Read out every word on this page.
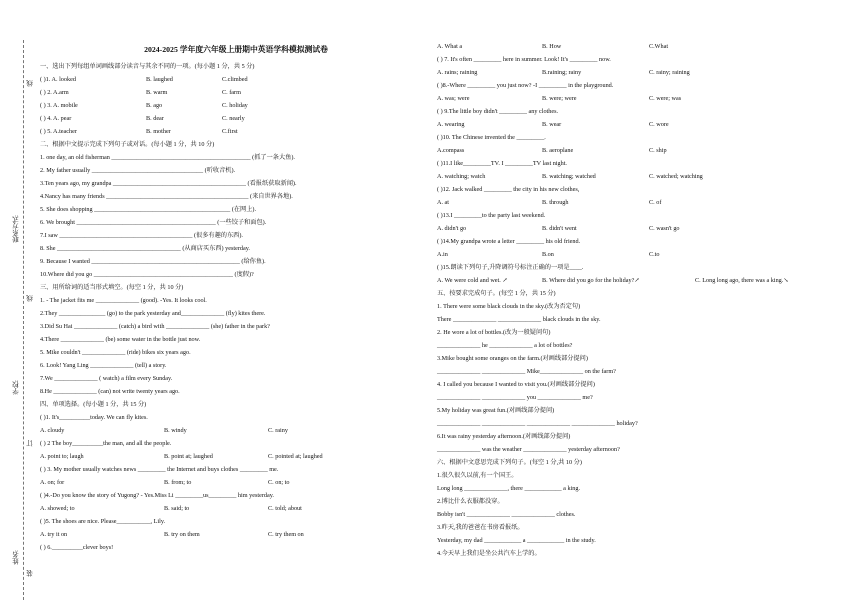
姓名:
学校:
联系方式:
线
线
订
装
2024-2025 学年度六年级上册期中英语学科模拟测试卷
一、选出下列每组单词画线部分读音与其余不同的一项。(每小题 1 分，共 5 分)
( )1. A. looked	B. laughed	C.climbed
( ) 2. A.arm	B. warm	C. farm
( ) 3. A. mobile	B. ago	C. holiday
( ) 4. A. pear	B. dear	C. nearly
( ) 5. A.teacher	B. mother	C.first
二、根据中文提示完成下列句子或对话。(每小题 1 分，共 10 分)
1. one day, an old fisherman _____________________________________________ (抓了一条大鱼).
2. My father usually ____________________________________ (听收音机).
3.Ten years ago, my grandpa ___________________________________________ (看报纸获取新闻).
4.Nancy has many friends ______________________________________________ (来自世界各地).
5. She does shopping ____________________________________________ (在网上).
6. We brought _____________________________________________ (一些饺子和面包).
7.I saw ___________________________________________ (很多有趣的东西).
8. She ________________________________________ (从商店买东西) yesterday.
9. Because I wanted ________________________________________________ (给你鱼).
10.Where did you go _____________________________________________ (度假)?
三、用所给词的适当形式填空。(每空 1 分，共 10 分)
1. - The jacket fits me ______________ (good). -Yes. It looks cool.
2.They _______________ (go) to the park yesterday and______________ (fly) kites there.
3.Did Su Hai ______________ (catch) a bird with ______________ (she) father in the park?
4.There ______________ (be) some water in the bottle just now.
5. Mike couldn't ______________ (ride) bikes six years ago.
6. Look! Yang Ling ______________ (tell) a story.
7.We ______________ ( watch) a film every Sunday.
8.He ______________ (can) not write twenty years ago.
四、单项选择。(每小题 1 分，共 15 分)
( )1. It's__________today. We can fly kites.
A. cloudy	B. windy	C. rainy
( ) 2 The boy__________the man, and all the people.
A. point to; laugh	B. point at; laughed	C. pointed at; laughed
( ) 3. My mother usually watches news _________ the Internet and buys clothes _________ me.
A. on; for	B. from; to	C. on; to
( )4.-Do you know the story of Yugong? - Yes.Miss Li _________us_________ him yesterday.
A. showed; to	B. said; to	C. told; about
( )5. The shoes are nice. Please___________, Lily.
A. try it on	B. try on them	C. try them on
( ) 6.__________clever boys!
A. What a	B. How	C.What
( ) 7. It's often _________ here in summer. Look! It's _________ now.
A. rains; raining	B.raining; rainy	C. rainy; raining
( )8.-Where _________ you just now? -I _________ in the playground.
A. was; were	B. were; were	C. were; was
( ) 9.The little boy didn't _________ any clothes.
A. wearing	B. wear	C. wore
( )10. The Chinese invented the _________.
A.compass	B. aeroplane	C. ship
( )11.I like_________TV. I _________TV last night.
A. watching; watch	B. watching; watched	C. watched; watching
( )12. Jack walked _________ the city in his new clothes,
A. at	B. through	C. of
( )13.I _________to the party last weekend.
A. didn't go	B. didn't went	C. wasn't go
( )14.My grandpa wrote a letter _________ his old friend.
A.in	B.on	C.to
( )15.朗读下列句子,升降调符号标注正确的一项是____.
A. We were cold and wet. ↗	B. Where did you go for the holiday?↗	C. Long long ago, there was a king.↘
五、按要求完成句子。(每空 1 分，共 15 分)
1. There were some black clouds in the sky.(改为否定句)
There ______________ ______________ black clouds in the sky.
2. He wore a lot of bottles.(改为一般疑问句)
______________ he ______________ a lot of bottles?
3.Mike bought some oranges on the farm.(对画线部分提问)
______________ ______________ Mike______________ on the farm?
4. I called you because I wanted to visit you.(对画线部分提问)
______________ ______________ you ______________ me?
5.My holiday was great fun.(对画线部分提问)
______________ ______________ ______________ ______________ holiday?
6.It was rainy yesterday afternoon.(对画线部分提问)
______________ was the weather ______________ yesterday afternoon?
六、根据中文意思完成下列句子。(每空 1 分,共 10 分)
1.很久很久以前,有一个国王。
Long long ______________, there ____________ a king.
2.博比什么衣服都没穿。
Bobby isn't ______________ ______________ clothes.
3.昨天,我的爸爸在书房看报纸。
Yesterday, my dad ____________ a ____________ in the study.
4.今天早上我们是坐公共汽车上学的。
